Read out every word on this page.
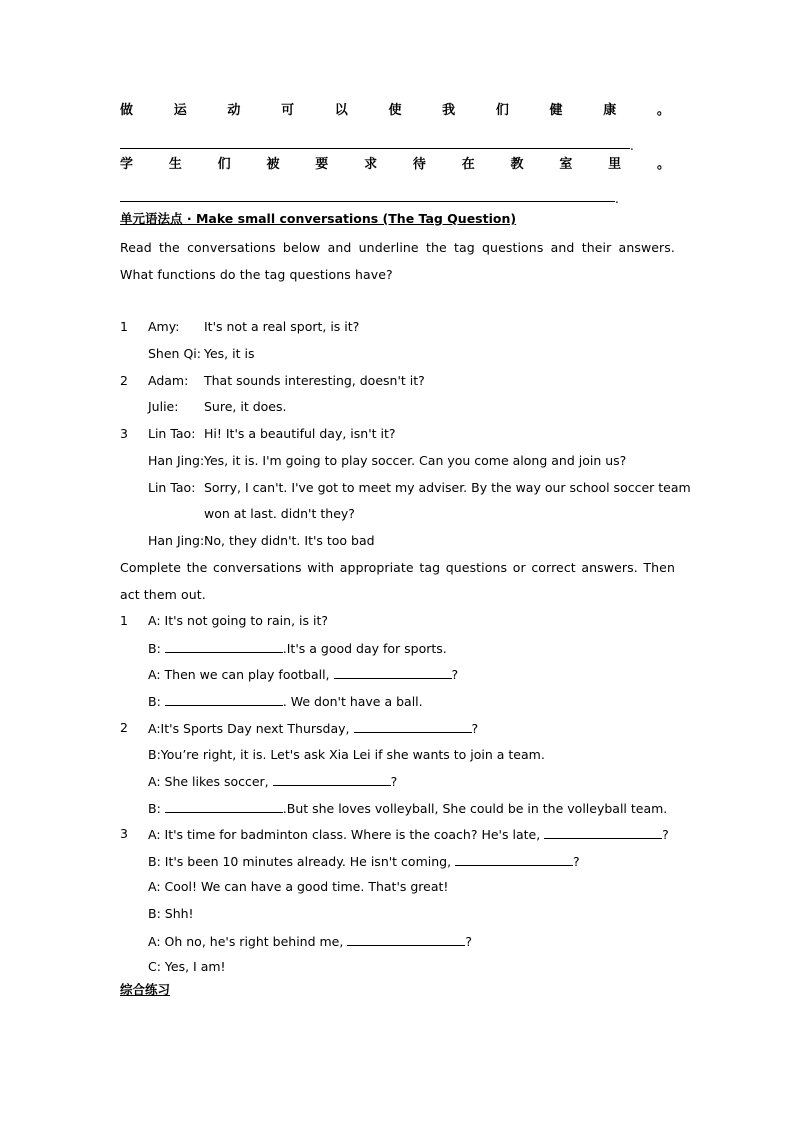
做	运	动	可	以	使	我	们	健	康	。
.
学	生	们	被	要	求	待	在	教	室	里	。
.
单元语法点 · Make small conversations (The Tag Question)
Read the conversations below and underline the tag questions and their answers. What functions do the tag questions have?
1 Amy: It's not a real sport, is it?
Shen Qi: Yes, it is
2 Adam: That sounds interesting, doesn't it?
Julie: Sure, it does.
3 Lin Tao: Hi! It's a beautiful day, isn't it?
Han Jing: Yes, it is. I'm going to play soccer. Can you come along and join us?
Lin Tao: Sorry, I can't. I've got to meet my adviser. By the way our school soccer team
won at last. didn't they?
Han Jing: No, they didn't. It's too bad
Complete the conversations with appropriate tag questions or correct answers. Then act them out.
1 A: It's not going to rain, is it?
B:	.It's a good day for sports.
A: Then we can play football,	?
B:	. We don't have a ball.
2 A:It's Sports Day next Thursday,	?
B:You’re right, it is. Let's ask Xia Lei if she wants to join a team.
A: She likes soccer,	?
B:	.But she loves volleyball, She could be in the volleyball team.
3 A: It's time for badminton class. Where is the coach? He's late,	?
B: It's been 10 minutes already. He isn't coming,	?
A: Cool! We can have a good time. That's great!
B: Shh!
A: Oh no, he's right behind me,	?
C: Yes, I am!
综合练习
